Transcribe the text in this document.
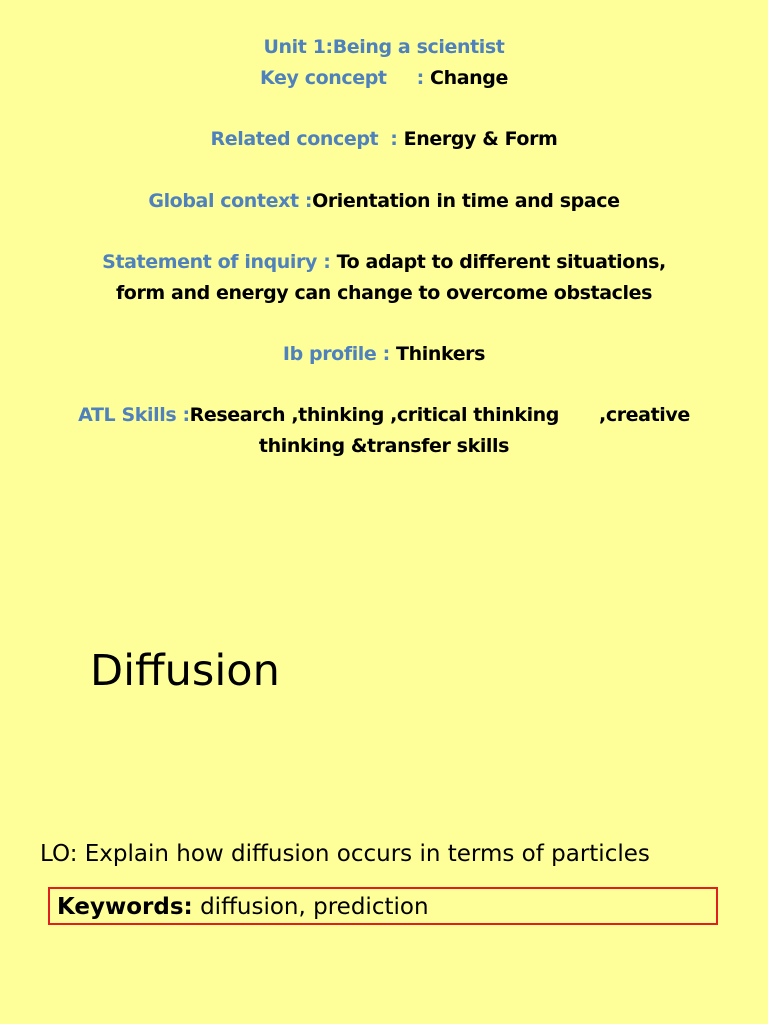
Unit 1:Being a scientist
Key concept : Change
Related concept : Energy & Form
Global context :Orientation in time and space
Statement of inquiry : To adapt to different situations,
form and energy can change to overcome obstacles
Ib profile : Thinkers
ATL Skills :Research ,thinking ,critical thinking ,creative
thinking &transfer skills
Diffusion
LO: Explain how diffusion occurs in terms of particles
Keywords: diffusion, prediction
